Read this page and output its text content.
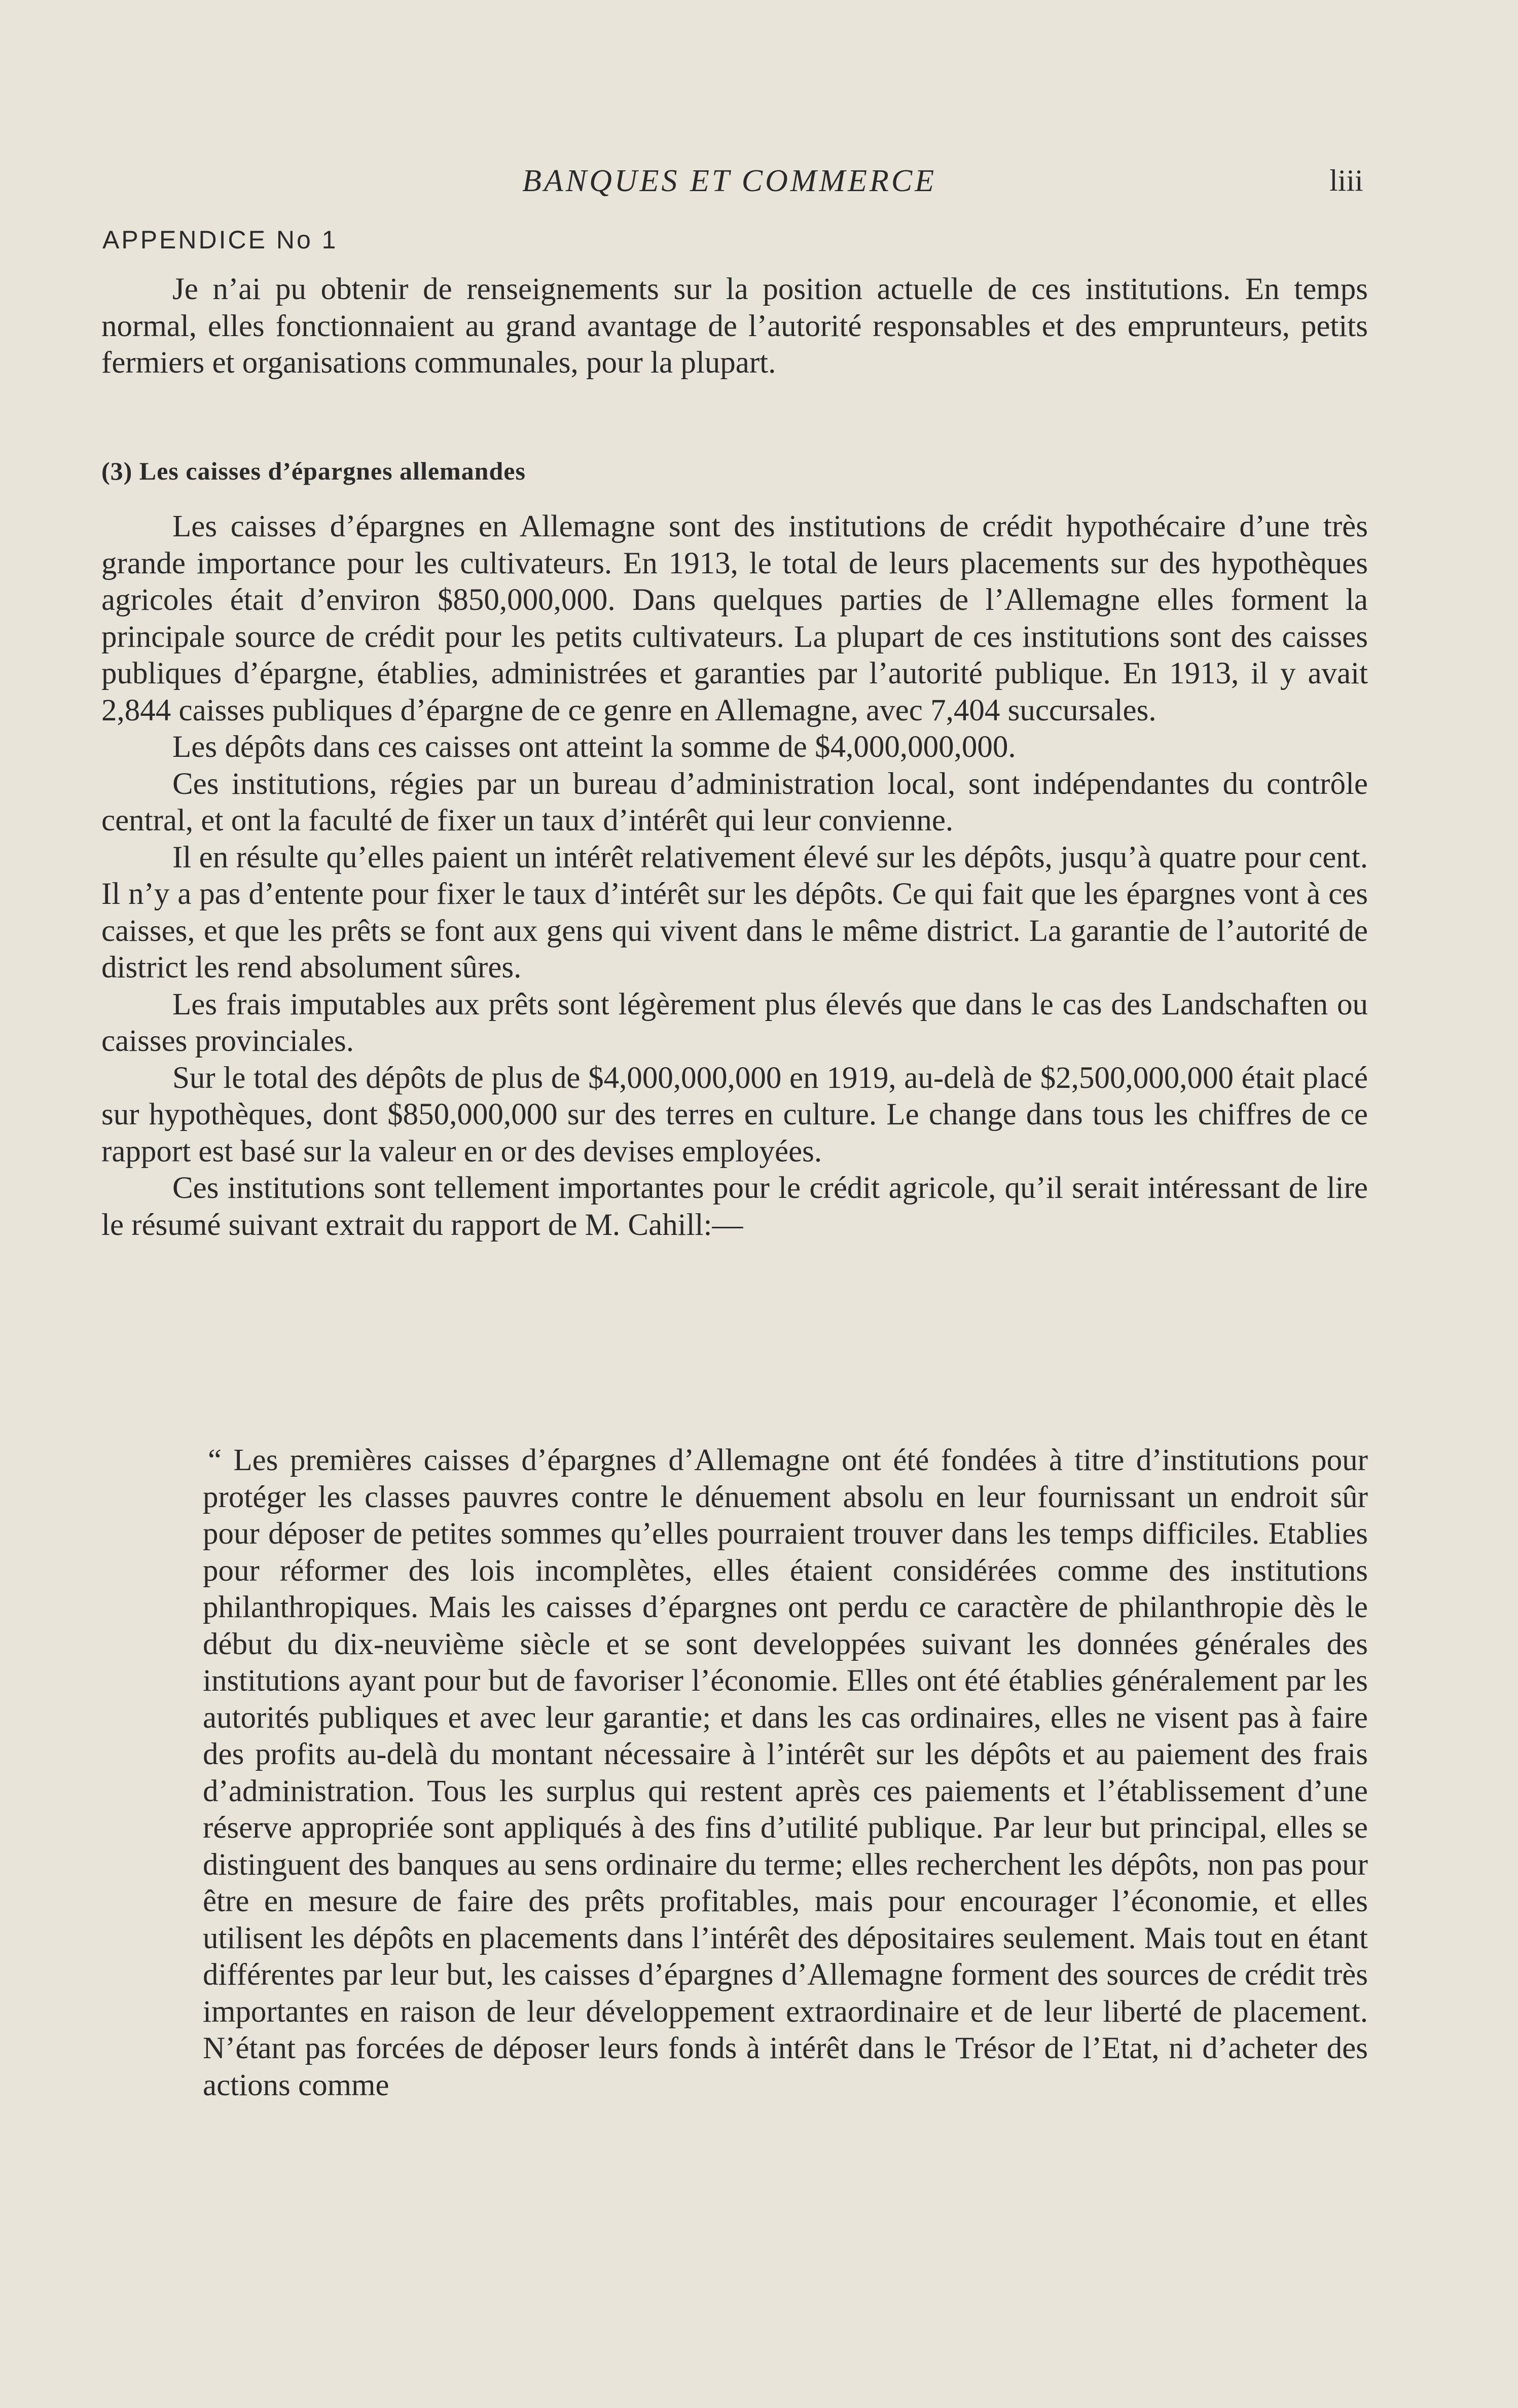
BANQUES ET COMMERCE	liii
APPENDICE No 1

Je n’ai pu obtenir de renseignements sur la position actuelle de ces institutions. En temps normal, elles fonctionnaient au grand avantage de l’autorité responsables et des emprunteurs, petits fermiers et organisations communales, pour la plupart.

(3) Les caisses d’épargnes allemandes

Les caisses d’épargnes en Allemagne sont des institutions de crédit hypothécaire d’une très grande importance pour les cultivateurs. En 1913, le total de leurs placements sur des hypothèques agricoles était d’environ $850,000,000. Dans quelques parties de l’Allemagne elles forment la principale source de crédit pour les petits cultivateurs. La plupart de ces institutions sont des caisses publiques d’épargne, établies, administrées et garanties par l’autorité publique. En 1913, il y avait 2,844 caisses publiques d’épargne de ce genre en Allemagne, avec 7,404 succursales.

Les dépôts dans ces caisses ont atteint la somme de $4,000,000,000.

Ces institutions, régies par un bureau d’administration local, sont indépendantes du contrôle central, et ont la faculté de fixer un taux d’intérêt qui leur convienne.

Il en résulte qu’elles paient un intérêt relativement élevé sur les dépôts, jusqu’à quatre pour cent. Il n’y a pas d’entente pour fixer le taux d’intérêt sur les dépôts. Ce qui fait que les épargnes vont à ces caisses, et que les prêts se font aux gens qui vivent dans le même district. La garantie de l’autorité de district les rend absolument sûres.

Les frais imputables aux prêts sont légèrement plus élevés que dans le cas des Landschaften ou caisses provinciales.

Sur le total des dépôts de plus de $4,000,000,000 en 1919, au-delà de $2,500,000,000 était placé sur hypothèques, dont $850,000,000 sur des terres en culture. Le change dans tous les chiffres de ce rapport est basé sur la valeur en or des devises employées.

Ces institutions sont tellement importantes pour le crédit agricole, qu’il serait intéressant de lire le résumé suivant extrait du rapport de M. Cahill:—

“ Les premières caisses d’épargnes d’Allemagne ont été fondées à titre d’institutions pour protéger les classes pauvres contre le dénuement absolu en leur fournissant un endroit sûr pour déposer de petites sommes qu’elles pourraient trouver dans les temps difficiles. Etablies pour réformer des lois incomplètes, elles étaient considérées comme des institutions philanthropiques. Mais les caisses d’épargnes ont perdu ce caractère de philanthropie dès le début du dix-neuvième siècle et se sont developpées suivant les données générales des institutions ayant pour but de favoriser l’économie. Elles ont été établies généralement par les autorités publiques et avec leur garantie; et dans les cas ordinaires, elles ne visent pas à faire des profits au-delà du montant nécessaire à l’intérêt sur les dépôts et au paiement des frais d’administration. Tous les surplus qui restent après ces paiements et l’établissement d’une réserve appropriée sont appliqués à des fins d’utilité publique. Par leur but principal, elles se distinguent des banques au sens ordinaire du terme; elles recherchent les dépôts, non pas pour être en mesure de faire des prêts profitables, mais pour encourager l’économie, et elles utilisent les dépôts en placements dans l’intérêt des dépositaires seulement. Mais tout en étant différentes par leur but, les caisses d’épargnes d’Allemagne forment des sources de crédit très importantes en raison de leur développement extraordinaire et de leur liberté de placement. N’étant pas forcées de déposer leurs fonds à intérêt dans le Trésor de l’Etat, ni d’acheter des actions comme
